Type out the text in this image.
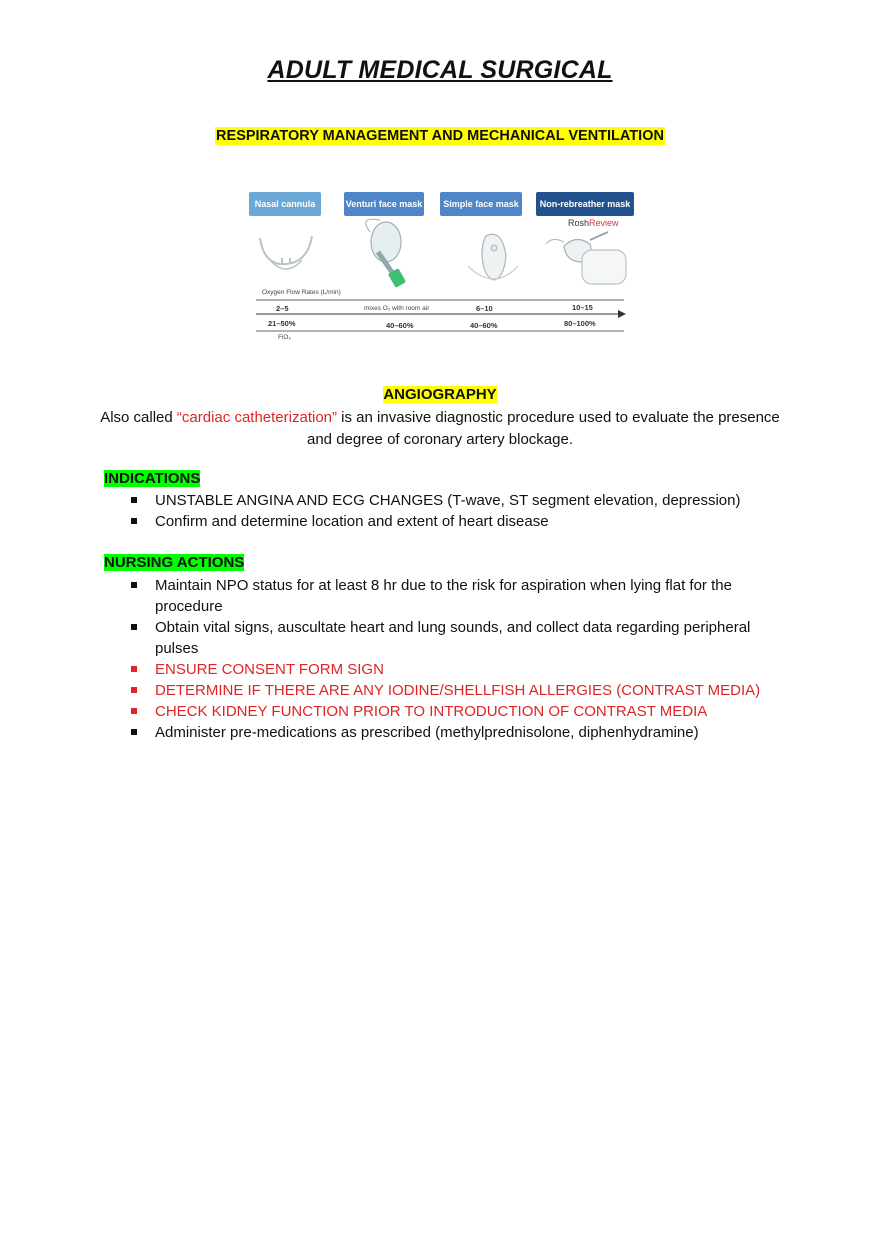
ADULT MEDICAL SURGICAL
RESPIRATORY MANAGEMENT AND MECHANICAL VENTILATION
Nasal cannula	Venturi face mask	Simple face mask	Non-rebreather mask
RoshReview
Oxygen Flow Rates (L/min)
2–5	mixes O₂ with room air	6–10	10–15
21–50%	40–60%	40–60%	80–100%
FiO₂
ANGIOGRAPHY
Also called “cardiac catheterization” is an invasive diagnostic procedure used to evaluate the presence and degree of coronary artery blockage.
INDICATIONS
UNSTABLE ANGINA AND ECG CHANGES (T-wave, ST segment elevation, depression)
Confirm and determine location and extent of heart disease
NURSING ACTIONS
Maintain NPO status for at least 8 hr due to the risk for aspiration when lying flat for the procedure
Obtain vital signs, auscultate heart and lung sounds, and collect data regarding peripheral pulses
ENSURE CONSENT FORM SIGN
DETERMINE IF THERE ARE ANY IODINE/SHELLFISH ALLERGIES (CONTRAST MEDIA)
CHECK KIDNEY FUNCTION PRIOR TO INTRODUCTION OF CONTRAST MEDIA
Administer pre-medications as prescribed (methylprednisolone, diphenhydramine)
